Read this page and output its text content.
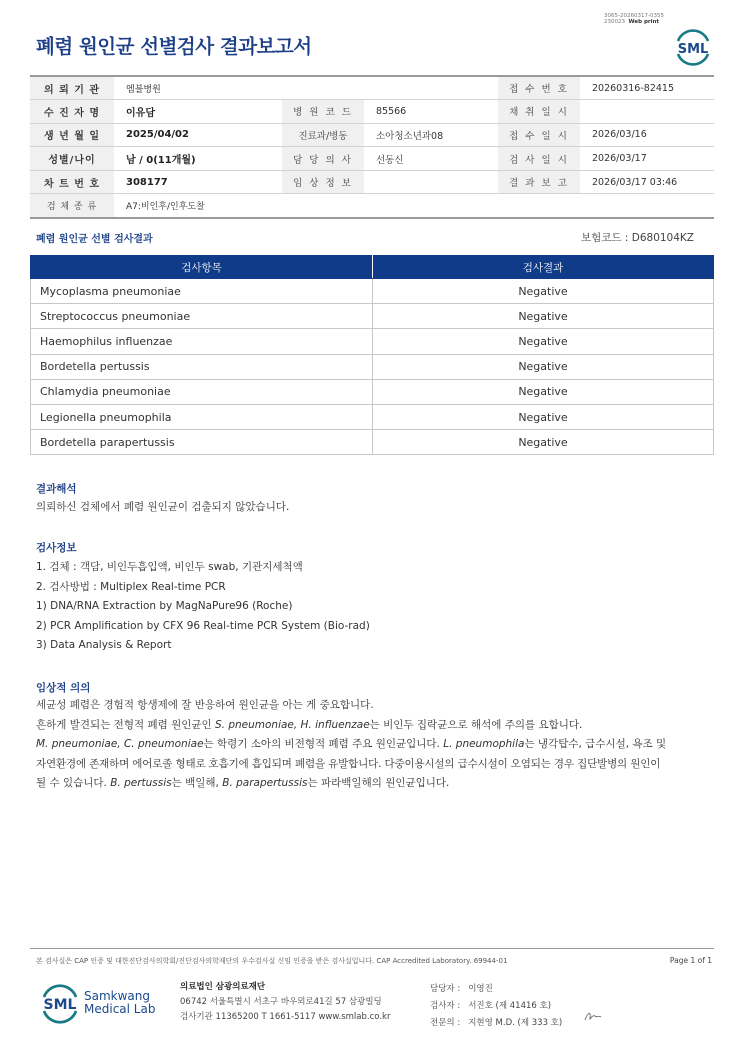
3065-20260317-0355
230023 Web print
폐렴 원인균 선별검사 결과보고서	SML
의 뢰 기 관	엠블병원			접 수 번 호	20260316-82415
수 진 자 명	이유담	병 원 코 드	85566	채 취 일 시	
생 년 월 일	2025/04/02	진료과/병동	소아청소년과08	접 수 일 시	2026/03/16
성별/나이	남 / 0(11개월)	담 당 의 사	선동신	검 사 일 시	2026/03/17
차 트 번 호	308177	임 상 정 보		결 과 보 고	2026/03/17 03:46
검 체 종 류	A7:비인후/인후도찰				
폐렴 원인균 선별 검사결과	보험코드 : D680104KZ
검사항목	검사결과
Mycoplasma pneumoniae	Negative
Streptococcus pneumoniae	Negative
Haemophilus influenzae	Negative
Bordetella pertussis	Negative
Chlamydia pneumoniae	Negative
Legionella pneumophila	Negative
Bordetella parapertussis	Negative
결과해석
의뢰하신 검체에서 폐렴 원인균이 검출되지 않았습니다.
검사정보
1. 검체 : 객담, 비인두흡입액, 비인두 swab, 기관지세척액
2. 검사방법 : Multiplex Real-time PCR
1) DNA/RNA Extraction by MagNaPure96 (Roche)
2) PCR Amplification by CFX 96 Real-time PCR System (Bio-rad)
3) Data Analysis & Report
임상적 의의
세균성 폐렴은 경험적 항생제에 잘 반응하여 원인균을 아는 게 중요합니다.
흔하게 발견되는 전형적 폐렴 원인균인 S. pneumoniae, H. influenzae는 비인두 집락균으로 해석에 주의를 요합니다.
M. pneumoniae, C. pneumoniae는 학령기 소아의 비전형적 폐렴 주요 원인균입니다. L. pneumophila는 냉각탑수, 급수시설, 욕조 및
자연환경에 존재하며 에어로졸 형태로 호흡기에 흡입되며 폐렴을 유발합니다. 다중이용시설의 급수시설이 오염되는 경우 집단발병의 원인이
될 수 있습니다. B. pertussis는 백일해, B. parapertussis는 파라백일해의 원인균입니다.
본 검사실은 CAP 인증 및 대한진단검사의학회/진단검사의학재단의 우수검사실 신임 인증을 받은 검사실입니다. CAP Accredited Laboratory. 69944-01	Page 1 of 1
SML
Samkwang
Medical Lab
의료법인 삼광의료재단
06742 서울특별시 서초구 바우뫼로41길 57 삼광빌딩
검사기관 11365200 T 1661-5117 www.smlab.co.kr
담당자 :	이영진
검사자 :	서진호 (제 41416 호)
전문의 :	지현영 M.D. (제 333 호)
